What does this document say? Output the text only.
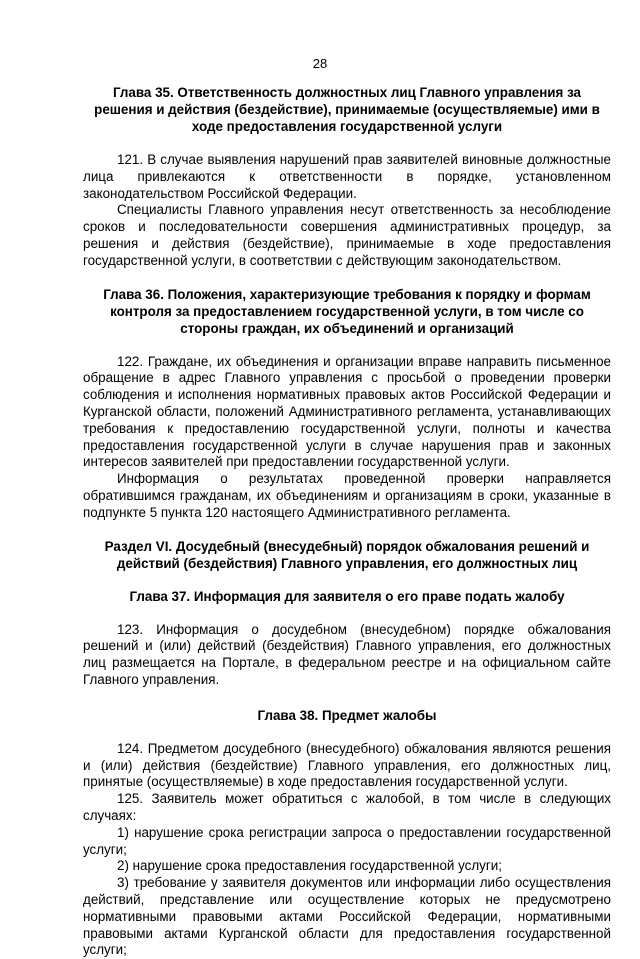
28
Глава 35. Ответственность должностных лиц Главного управления за решения и действия (бездействие), принимаемые (осуществляемые) ими в ходе предоставления государственной услуги

121. В случае выявления нарушений прав заявителей виновные должностные лица привлекаются к ответственности в порядке, установленном законодательством Российской Федерации.

Специалисты Главного управления несут ответственность за несоблюдение сроков и последовательности совершения административных процедур, за решения и действия (бездействие), принимаемые в ходе предоставления государственной услуги, в соответствии с действующим законодательством.

Глава 36. Положения, характеризующие требования к порядку и формам контроля за предоставлением государственной услуги, в том числе со стороны граждан, их объединений и организаций

122. Граждане, их объединения и организации вправе направить письменное обращение в адрес Главного управления с просьбой о проведении проверки соблюдения и исполнения нормативных правовых актов Российской Федерации и Курганской области, положений Административного регламента, устанавливающих требования к предоставлению государственной услуги, полноты и качества предоставления государственной услуги в случае нарушения прав и законных интересов заявителей при предоставлении государственной услуги.

Информация о результатах проведенной проверки направляется обратившимся гражданам, их объединениям и организациям в сроки, указанные в подпункте 5 пункта 120 настоящего Административного регламента.

Раздел VI. Досудебный (внесудебный) порядок обжалования решений и действий (бездействия) Главного управления, его должностных лиц
Глава 37. Информация для заявителя о его праве подать жалобу

123. Информация о досудебном (внесудебном) порядке обжалования решений и (или) действий (бездействия) Главного управления, его должностных лиц размещается на Портале, в федеральном реестре и на официальном сайте Главного управления.

Глава 38. Предмет жалобы

124. Предметом досудебного (внесудебного) обжалования являются решения и (или) действия (бездействие) Главного управления, его должностных лиц, принятые (осуществляемые) в ходе предоставления государственной услуги.

125. Заявитель может обратиться с жалобой, в том числе в следующих случаях:

1) нарушение срока регистрации запроса о предоставлении государственной услуги;

2) нарушение срока предоставления государственной услуги;

3) требование у заявителя документов или информации либо осуществления действий, представление или осуществление которых не предусмотрено нормативными правовыми актами Российской Федерации, нормативными правовыми актами Курганской области для предоставления государственной услуги;
